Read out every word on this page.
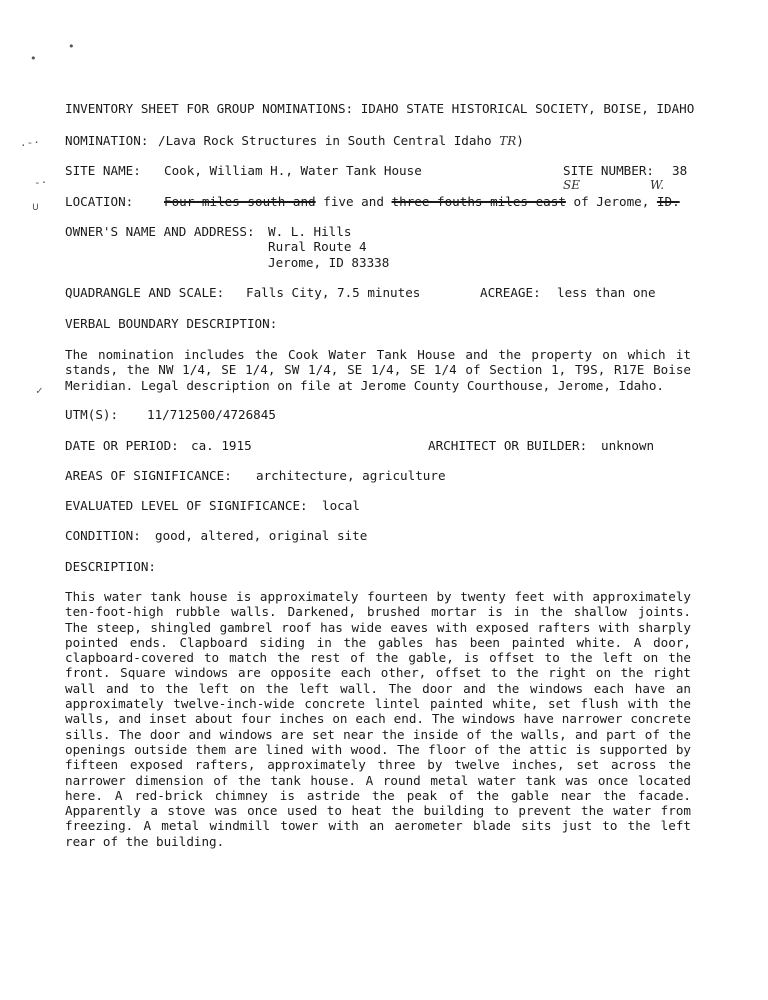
•
•
.-·
-·
∪
✓
INVENTORY SHEET FOR GROUP NOMINATIONS: IDAHO STATE HISTORICAL SOCIETY, BOISE, IDAHO
NOMINATION: /Lava Rock Structures in South Central Idaho TR)
SITE NAME: Cook, William H., Water Tank House	SITE NUMBER: 38
SE	W.
LOCATION: Four miles south and five and three-fouths miles east of Jerome, ID.
OWNER'S NAME AND ADDRESS: W. L. Hills
Rural Route 4
Jerome, ID 83338
QUADRANGLE AND SCALE: Falls City, 7.5 minutes	ACREAGE: less than one
VERBAL BOUNDARY DESCRIPTION:
The nomination includes the Cook Water Tank House and the property on which it
stands, the NW 1/4, SE 1/4, SW 1/4, SE 1/4, SE 1/4 of Section 1, T9S, R17E Boise
Meridian. Legal description on file at Jerome County Courthouse, Jerome, Idaho.
UTM(S): 11/712500/4726845
DATE OR PERIOD: ca. 1915	ARCHITECT OR BUILDER: unknown
AREAS OF SIGNIFICANCE: architecture, agriculture
EVALUATED LEVEL OF SIGNIFICANCE: local
CONDITION: good, altered, original site
DESCRIPTION:
This water tank house is approximately fourteen by twenty feet with approximately
ten-foot-high rubble walls. Darkened, brushed mortar is in the shallow joints.
The steep, shingled gambrel roof has wide eaves with exposed rafters with sharply
pointed ends. Clapboard siding in the gables has been painted white. A door,
clapboard-covered to match the rest of the gable, is offset to the left on the
front. Square windows are opposite each other, offset to the right on the right
wall and to the left on the left wall. The door and the windows each have an
approximately twelve-inch-wide concrete lintel painted white, set flush with the
walls, and inset about four inches on each end. The windows have narrower concrete
sills. The door and windows are set near the inside of the walls, and part of the
openings outside them are lined with wood. The floor of the attic is supported by
fifteen exposed rafters, approximately three by twelve inches, set across the
narrower dimension of the tank house. A round metal water tank was once located
here. A red-brick chimney is astride the peak of the gable near the facade.
Apparently a stove was once used to heat the building to prevent the water from
freezing. A metal windmill tower with an aerometer blade sits just to the left
rear of the building.
